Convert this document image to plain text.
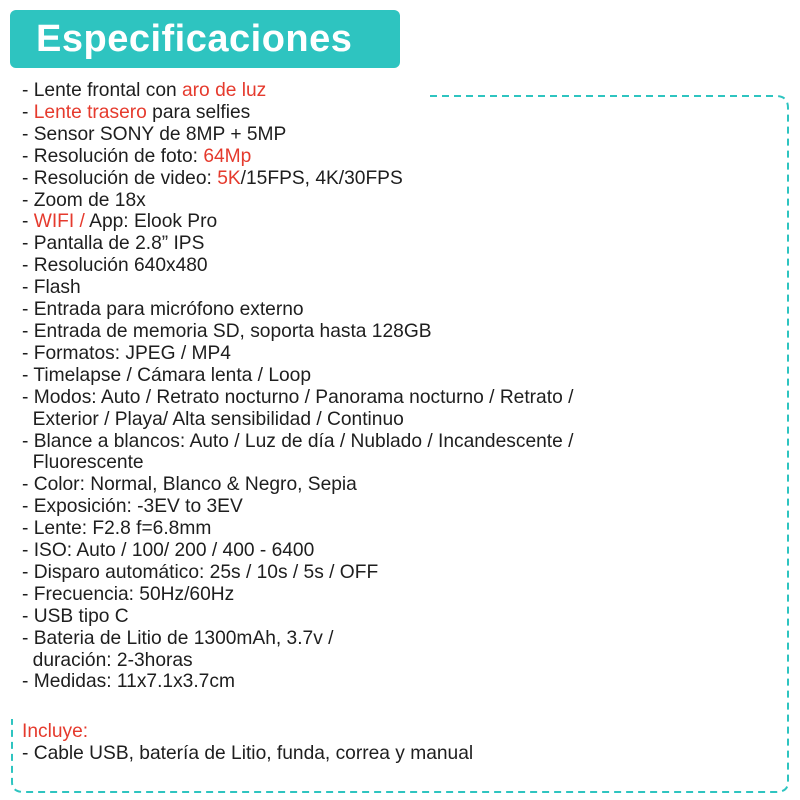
Especificaciones
- Lente frontal con aro de luz
- Lente trasero para selfies
- Sensor SONY de 8MP + 5MP
- Resolución de foto: 64Mp
- Resolución de video: 5K/15FPS, 4K/30FPS
- Zoom de 18x
- WIFI / App: Elook Pro
- Pantalla de 2.8” IPS
- Resolución 640x480
- Flash
- Entrada para micrófono externo
- Entrada de memoria SD, soporta hasta 128GB
- Formatos: JPEG / MP4
- Timelapse / Cámara lenta / Loop
- Modos: Auto / Retrato nocturno / Panorama nocturno / Retrato /
Exterior / Playa/ Alta sensibilidad / Continuo
- Blance a blancos: Auto / Luz de día / Nublado / Incandescente /
Fluorescente
- Color: Normal, Blanco & Negro, Sepia
- Exposición: -3EV to 3EV
- Lente: F2.8 f=6.8mm
- ISO: Auto / 100/ 200 / 400 - 6400
- Disparo automático: 25s / 10s / 5s / OFF
- Frecuencia: 50Hz/60Hz
- USB tipo C
- Bateria de Litio de 1300mAh, 3.7v /
duración: 2-3horas
- Medidas: 11x7.1x3.7cm
Incluye:
- Cable USB, batería de Litio, funda, correa y manual
